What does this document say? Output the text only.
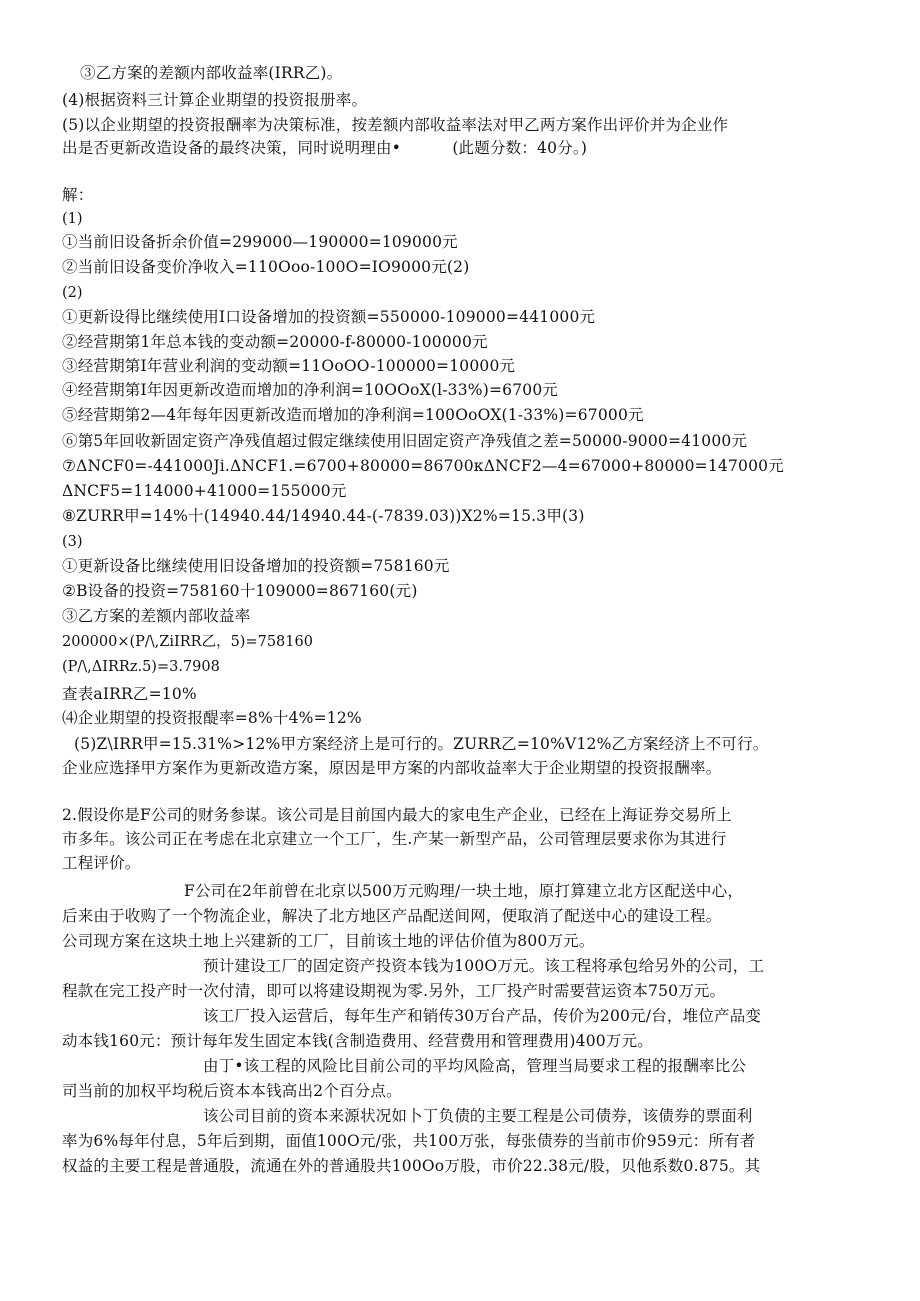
③乙方案的差额内部收益率(IRR乙)。
(4)根据资料三计算企业期望的投资报册率。
(5)以企业期望的投资报酬率为决策标准，按差额内部收益率法对甲乙两方案作出评价并为企业作
出是否更新改造设备的最终决策，同时说明理由•          (此题分数：40分。)
解：
(1)
①当前旧设备折余价值=299000—190000=109000元
②当前旧设备变价净收入=110Ooo-100O=IO9000元(2)
(2)
①更新设得比继续使用I口设备增加的投资额=550000-109000=441000元
②经营期第1年总本钱的变动额=20000-f-80000-100000元
③经营期第I年营业利润的变动额=11OoOO-100000=10000元
④经营期第I年因更新改造而增加的净利润=10OOoX(l-33%)=6700元
⑤经营期第2—4年每年因更新改造而增加的净利润=100OoOX(1-33%)=67000元
⑥第5年回收新固定资产净残值超过假定继续使用旧固定资产净残值之差=50000-9000=41000元
⑦ΔNCF0=-441000Ji.ΔNCF1.=6700+80000=86700κΔNCF2—4=67000+80000=147000元
ΔNCF5=114000+41000=155000元
⑧ZURR甲=14%十(14940.44/14940.44-(-7839.03))X2%=15.3甲(3)
(3)
①更新设备比继续使用旧设备增加的投资额=758160元
②B设备的投资=758160十109000=867160(元)
③乙方案的差额内部收益率
200000×(P/\,ZiIRR乙，5)=758160
(P/\,ΔIRRz.5)=3.7908
查表aIRR乙=10%
⑷企业期望的投资报醍率=8%十4%=12%
(5)Z\IRR甲=15.31%>12%甲方案经济上是可行的。ZURR乙=10%V12%乙方案经济上不可行。
企业应选择甲方案作为更新改造方案，原因是甲方案的内部收益率大于企业期望的投资报酬率。
2.假设你是F公司的财务参谋。该公司是目前国内最大的家电生产企业，已经在上海证券交易所上
市多年。该公司正在考虑在北京建立一个工厂，生.产某一新型产品，公司管理层要求你为其进行
工程评价。
F公司在2年前曾在北京以500万元购理/一块土地，原打算建立北方区配送中心，
后来由于收购了一个物流企业，解决了北方地区产品配送间网，便取消了配送中心的建设工程。
公司现方案在这块土地上兴建新的工厂，目前该土地的评估价值为800万元。
预计建设工厂的固定资产投资本钱为100O万元。该工程将承包给另外的公司，工
程款在完工投产时一次付清，即可以将建设期视为零.另外，工厂投产时需要营运资本750万元。
该工厂投入运营后，每年生产和销传30万台产品，传价为200元/台，堆位产品变
动本钱160元：预计每年发生固定本钱(含制造费用、经营费用和管理费用)400万元。
由丁•该工程的风险比目前公司的平均风险高，管理当局要求工程的报酬率比公
司当前的加权平均税后资本本钱高出2个百分点。
该公司目前的资本来源状况如卜丁负债的主要工程是公司债券，该债券的票面利
率为6%每年付息，5年后到期，面值100O元/张，共100万张，每张债券的当前市价959元：所有者
权益的主要工程是普通股，流通在外的普通股共100Oo万股，市价22.38元/股，贝他系数0.875。其
